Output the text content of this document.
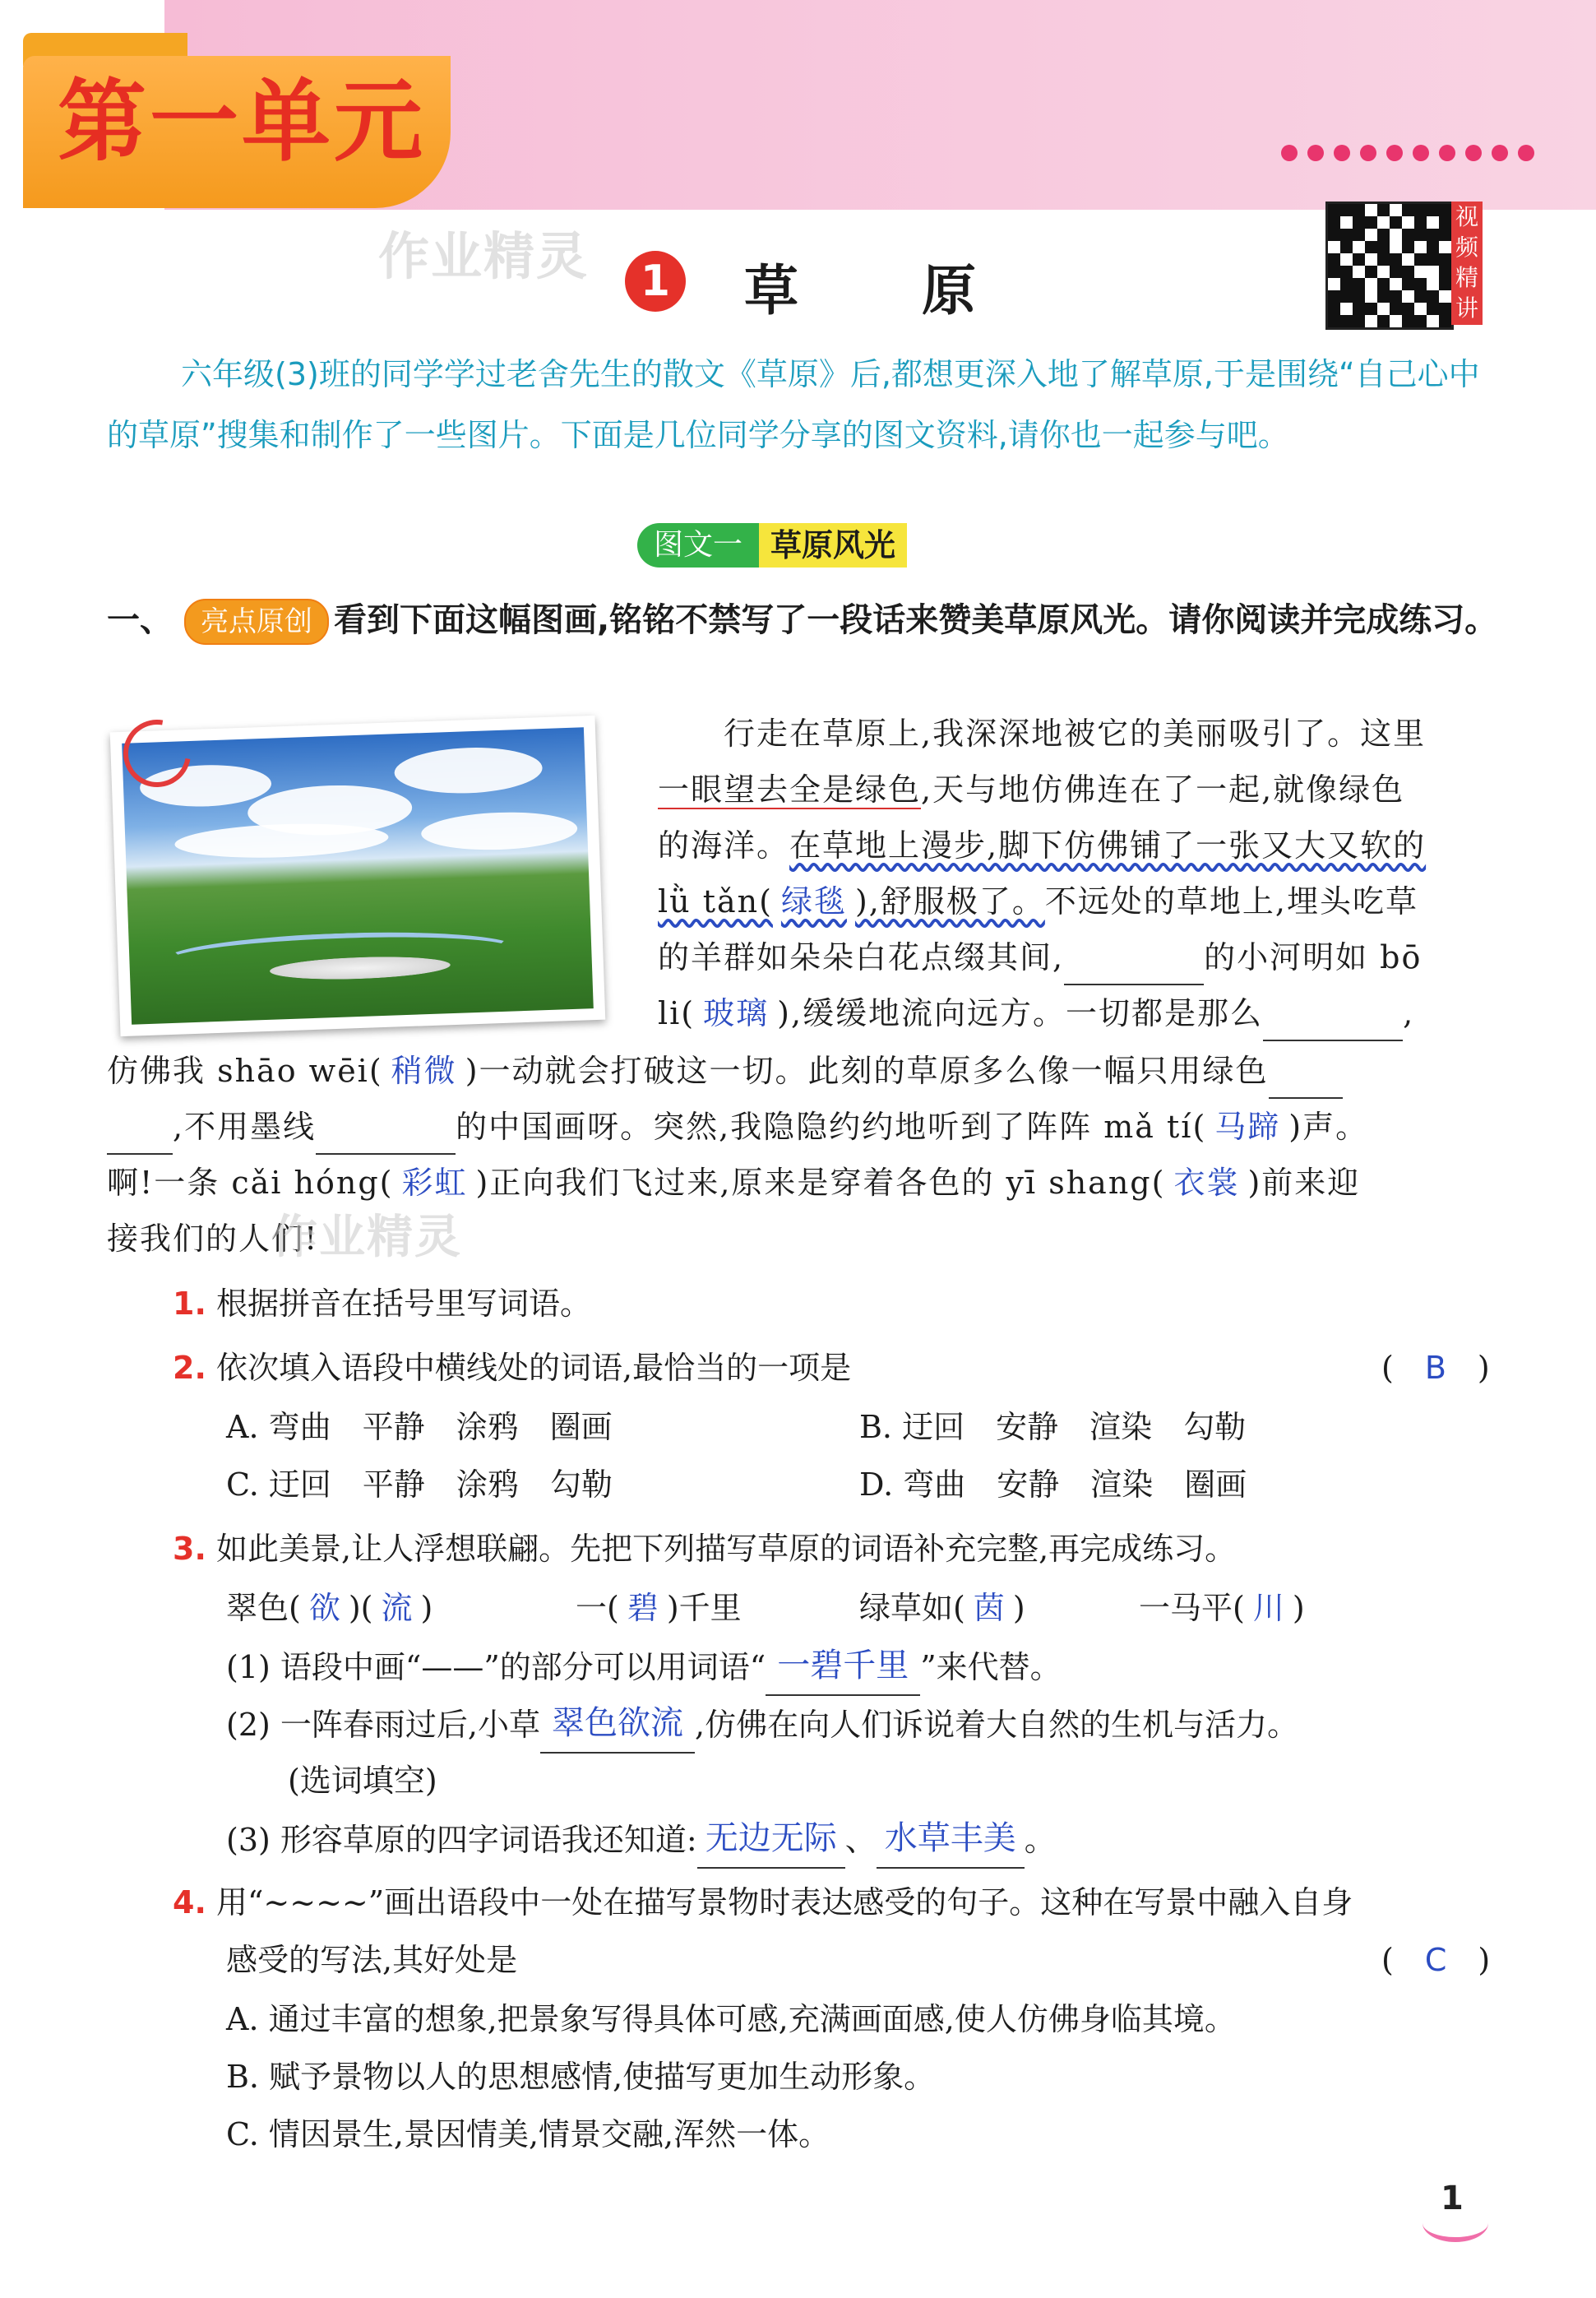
第一单元
作业精灵	1 草原
视频精讲
六年级(3)班的同学学过老舍先生的散文《草原》后,都想更深入地了解草原,于是围绕“自己心中的草原”搜集和制作了一些图片。下面是几位同学分享的图文资料,请你也一起参与吧。
图文一 草原风光
一、 亮点原创 看到下面这幅图画,铭铭不禁写了一段话来赞美草原风光。请你阅读并完成练习。
行走在草原上,我深深地被它的美丽吸引了。这里
一眼望去全是绿色,天与地仿佛连在了一起,就像绿色
的海洋。在草地上漫步,脚下仿佛铺了一张又大又软的
lǜ tǎn( 绿毯 ),舒服极了。不远处的草地上,埋头吃草
的羊群如朵朵白花点缀其间,	的小河明如 bō
li( 玻璃 ),缓缓地流向远方。一切都是那么	,
仿佛我 shāo wēi( 稍微 )一动就会打破这一切。此刻的草原多么像一幅只用绿色
,不用墨线	的中国画呀。突然,我隐隐约约地听到了阵阵 mǎ tí( 马蹄 )声。
啊!一条 cǎi hóng( 彩虹 )正向我们飞过来,原来是穿着各色的 yī shang( 衣裳 )前来迎
接我们的人们!
作业精灵
1. 根据拼音在括号里写词语。
2. 依次填入语段中横线处的词语,最恰当的一项是	(　B　)
A. 弯曲　平静　涂鸦　圈画	B. 迂回　安静　渲染　勾勒
C. 迂回　平静　涂鸦　勾勒	D. 弯曲　安静　渲染　圈画
3. 如此美景,让人浮想联翩。先把下列描写草原的词语补充完整,再完成练习。
翠色( 欲 )( 流 )	一( 碧 )千里	绿草如( 茵 )	一马平( 川 )
(1) 语段中画“——”的部分可以用词语“ 一碧千里 ”来代替。
(2) 一阵春雨过后,小草 翠色欲流 ,仿佛在向人们诉说着大自然的生机与活力。
(选词填空)
(3) 形容草原的四字词语我还知道: 无边无际 、 水草丰美 。
4. 用“~~~~”画出语段中一处在描写景物时表达感受的句子。这种在写景中融入自身
感受的写法,其好处是	(　C　)
A. 通过丰富的想象,把景象写得具体可感,充满画面感,使人仿佛身临其境。
B. 赋予景物以人的思想感情,使描写更加生动形象。
C. 情因景生,景因情美,情景交融,浑然一体。
1
